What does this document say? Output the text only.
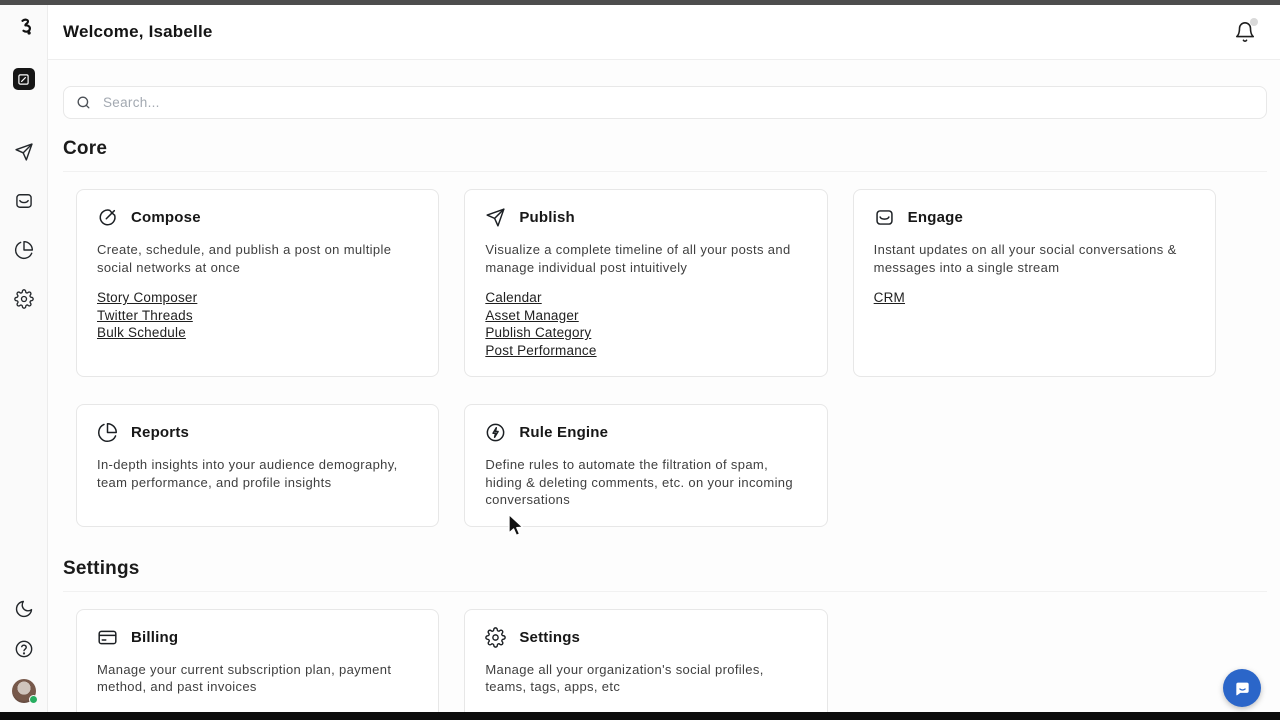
Welcome, Isabelle
Search...
Core
Compose
Create, schedule, and publish a post on multiple social networks at once
Story Composer
Twitter Threads
Bulk Schedule
Publish
Visualize a complete timeline of all your posts and manage individual post intuitively
Calendar
Asset Manager
Publish Category
Post Performance
Engage
Instant updates on all your social conversations & messages into a single stream
CRM
Reports
In-depth insights into your audience demography, team performance, and profile insights
Rule Engine
Define rules to automate the filtration of spam, hiding & deleting comments, etc. on your incoming conversations
Settings
Billing
Manage your current subscription plan, payment method, and past invoices
Settings
Manage all your organization's social profiles, teams, tags, apps, etc
